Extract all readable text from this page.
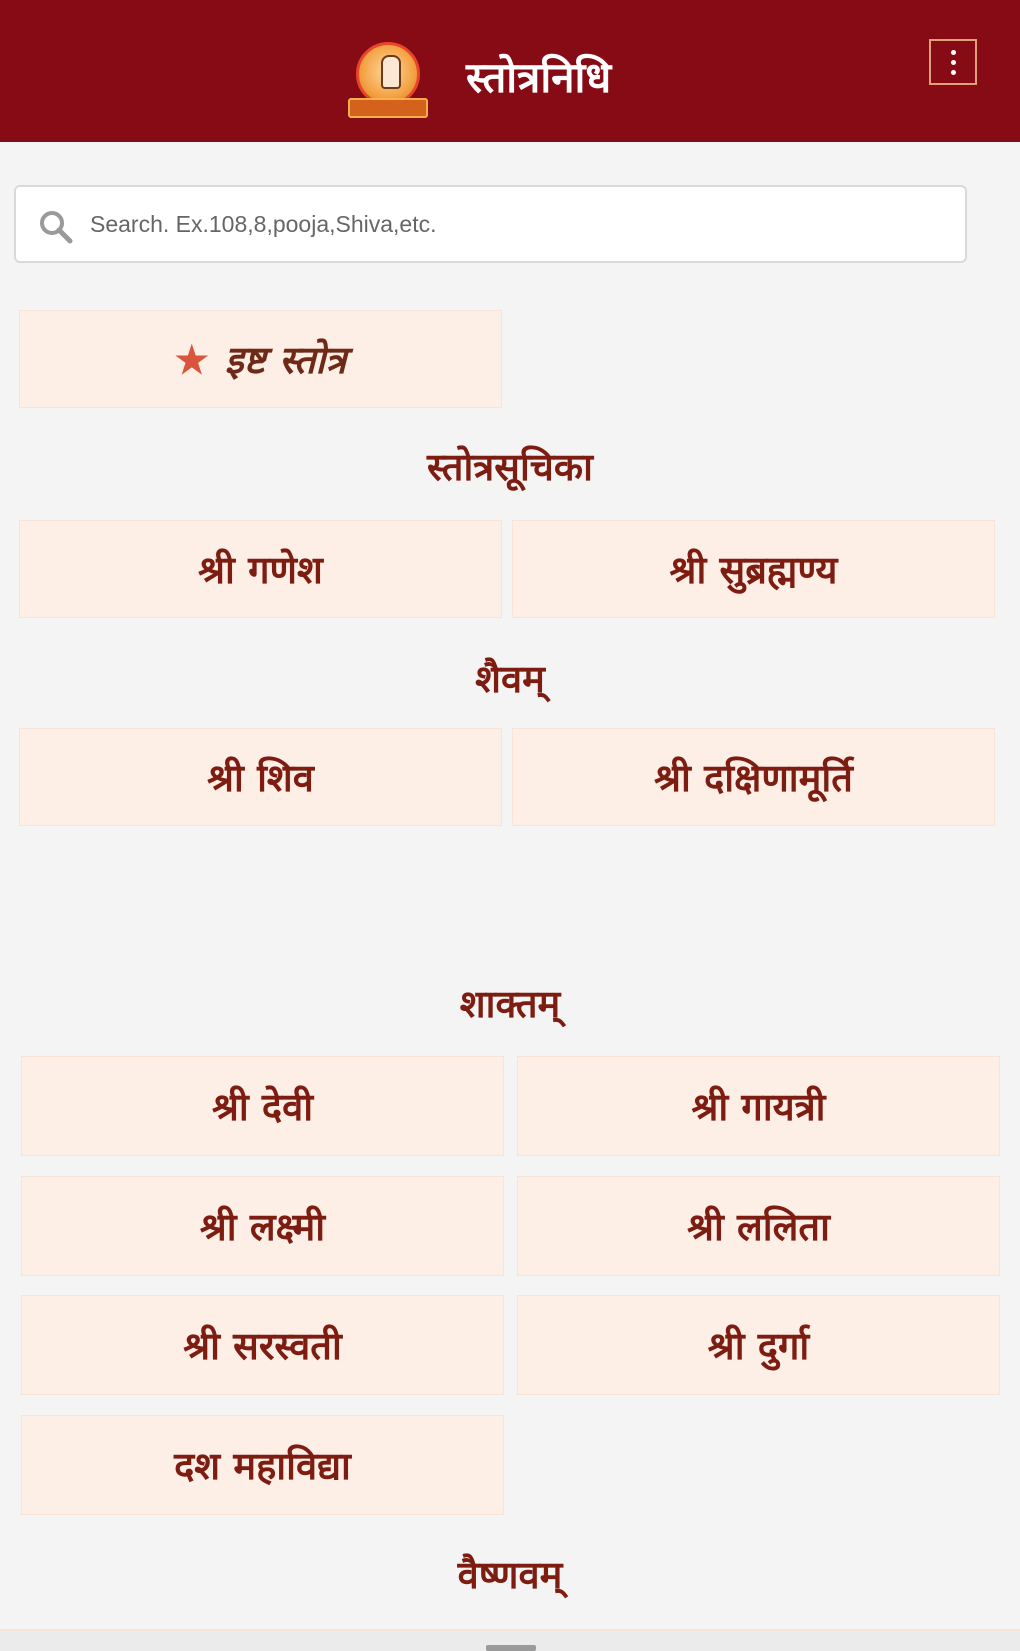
स्तोत्रनिधि
Search. Ex.108,8,pooja,Shiva,etc.
★ इष्ट स्तोत्र
स्तोत्रसूचिका
श्री गणेश	श्री सुब्रह्मण्य
शैवम्
श्री शिव	श्री दक्षिणामूर्ति
शाक्तम्
श्री देवी	श्री गायत्री
श्री लक्ष्मी	श्री ललिता
श्री सरस्वती	श्री दुर्गा
दश महाविद्या
वैष्णवम्
